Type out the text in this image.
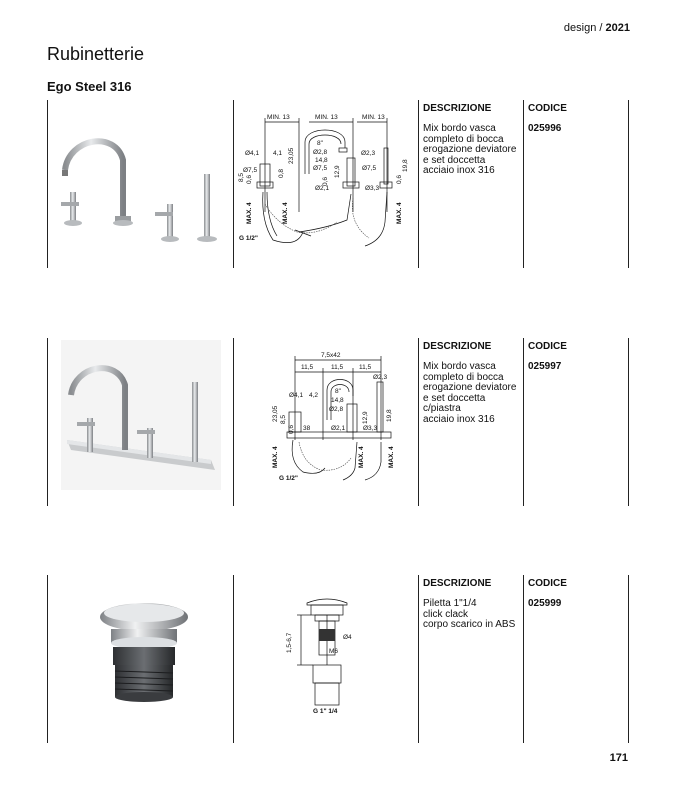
design / 2021
Rubinetterie
Ego Steel 316
MIN. 13	MIN. 13	MIN. 13
Ø4,1 4,1 23,05
8"
Ø2,8
14,8
Ø7,5
Ø7,5	Ø7,5
Ø2,3
19,8
12,9
8,5 0,6	0,6	0,6
0,8
Ø2,1	Ø3,3
MAX. 4	MAX. 4	MAX. 4
G 1/2"
DESCRIZIONE
Mix bordo vasca
completo di bocca
erogazione deviatore
e set doccetta
acciaio inox 316
CODICE
025996
7,5x42
11,5	11,5 11,5
Ø2,3
23,05 8,5
Ø4,1 4,2
8"
14,8
Ø2,8
12,9	19,8
0,6 38	Ø2,1	Ø3,3
MAX. 4	MAX. 4	MAX. 4
G 1/2"
DESCRIZIONE
Mix bordo vasca
completo di bocca
erogazione deviatore
e set doccetta
c/piastra
acciaio inox 316
CODICE
025997
Ø4
M6
1,5-6,7
G 1" 1/4
DESCRIZIONE
Piletta 1"1/4
click clack
corpo scarico in ABS
CODICE
025999
171
